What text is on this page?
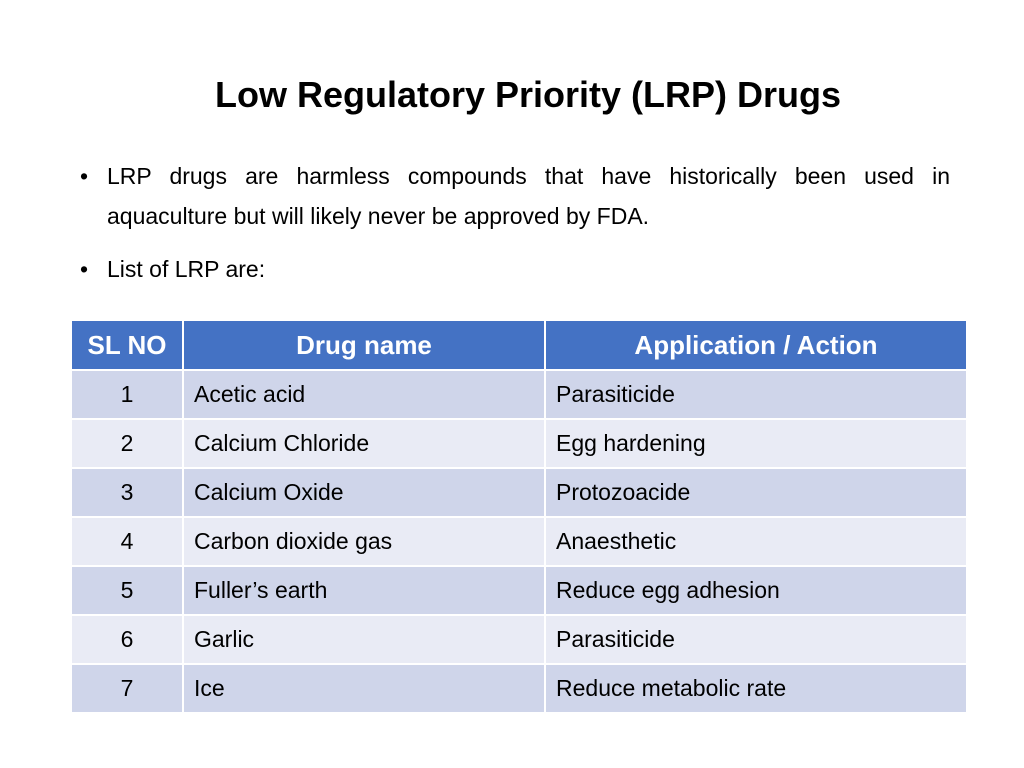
Low Regulatory Priority (LRP) Drugs
• LRP drugs are harmless compounds that have historically been used in aquaculture but will likely never be approved by FDA.
• List of LRP are:
SL NO	Drug name	Application / Action
1	Acetic acid	Parasiticide
2	Calcium Chloride	Egg hardening
3	Calcium Oxide	Protozoacide
4	Carbon dioxide gas	Anaesthetic
5	Fuller’s earth	Reduce egg adhesion
6	Garlic	Parasiticide
7	Ice	Reduce metabolic rate
